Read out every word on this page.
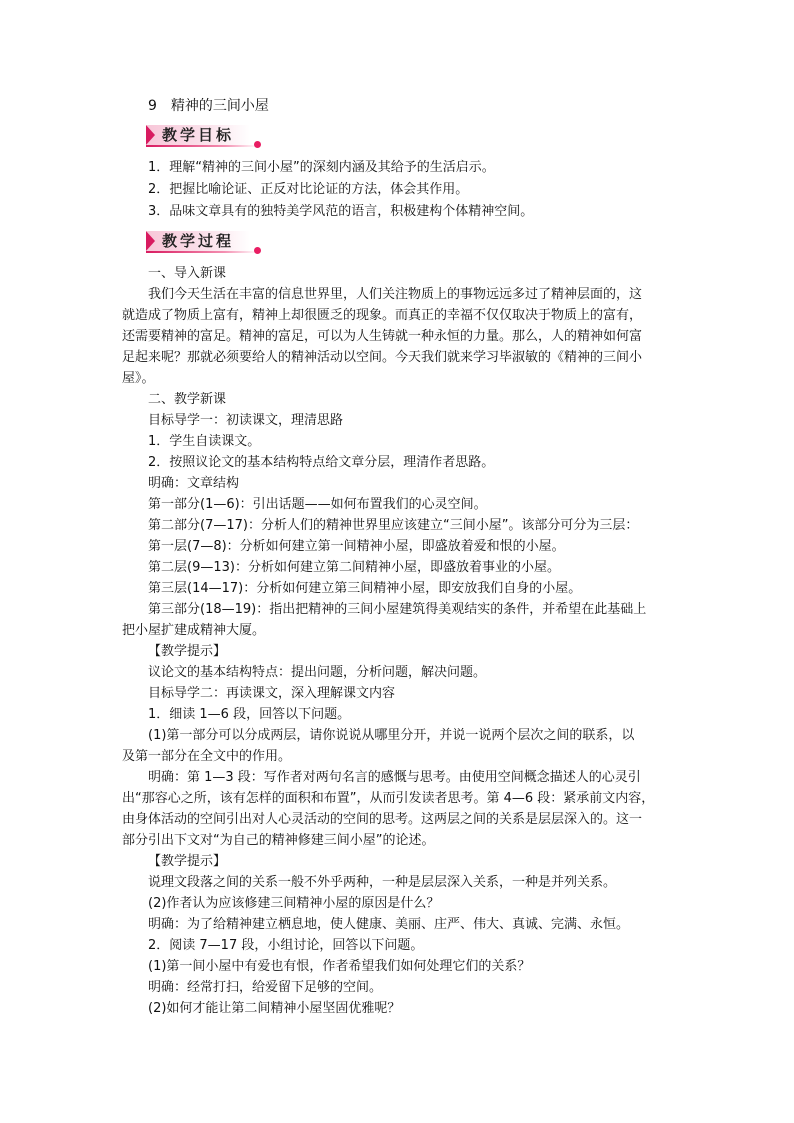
9　精神的三间小屋
教学目标
1．理解“精神的三间小屋”的深刻内涵及其给予的生活启示。
2．把握比喻论证、正反对比论证的方法，体会其作用。
3．品味文章具有的独特美学风范的语言，积极建构个体精神空间。
教学过程
一、导入新课
我们今天生活在丰富的信息世界里，人们关注物质上的事物远远多过了精神层面的，这
就造成了物质上富有，精神上却很匮乏的现象。而真正的幸福不仅仅取决于物质上的富有，
还需要精神的富足。精神的富足，可以为人生铸就一种永恒的力量。那么，人的精神如何富
足起来呢？那就必须要给人的精神活动以空间。今天我们就来学习毕淑敏的《精神的三间小
屋》。
二、教学新课
目标导学一：初读课文，理清思路
1．学生自读课文。
2．按照议论文的基本结构特点给文章分层，理清作者思路。
明确：文章结构
第一部分(1—6)：引出话题——如何布置我们的心灵空间。
第二部分(7—17)：分析人们的精神世界里应该建立“三间小屋”。该部分可分为三层：
第一层(7—8)：分析如何建立第一间精神小屋，即盛放着爱和恨的小屋。
第二层(9—13)：分析如何建立第二间精神小屋，即盛放着事业的小屋。
第三层(14—17)：分析如何建立第三间精神小屋，即安放我们自身的小屋。
第三部分(18—19)：指出把精神的三间小屋建筑得美观结实的条件，并希望在此基础上
把小屋扩建成精神大厦。
【教学提示】
议论文的基本结构特点：提出问题，分析问题，解决问题。
目标导学二：再读课文，深入理解课文内容
1．细读 1—6 段，回答以下问题。
(1)第一部分可以分成两层，请你说说从哪里分开，并说一说两个层次之间的联系，以
及第一部分在全文中的作用。
明确：第 1—3 段：写作者对两句名言的感慨与思考。由使用空间概念描述人的心灵引
出“那容心之所，该有怎样的面积和布置”，从而引发读者思考。第 4—6 段：紧承前文内容，
由身体活动的空间引出对人心灵活动的空间的思考。这两层之间的关系是层层深入的。这一
部分引出下文对“为自己的精神修建三间小屋”的论述。
【教学提示】
说理文段落之间的关系一般不外乎两种，一种是层层深入关系，一种是并列关系。
(2)作者认为应该修建三间精神小屋的原因是什么？
明确：为了给精神建立栖息地，使人健康、美丽、庄严、伟大、真诚、完满、永恒。
2．阅读 7—17 段，小组讨论，回答以下问题。
(1)第一间小屋中有爱也有恨，作者希望我们如何处理它们的关系？
明确：经常打扫，给爱留下足够的空间。
(2)如何才能让第二间精神小屋坚固优雅呢？
